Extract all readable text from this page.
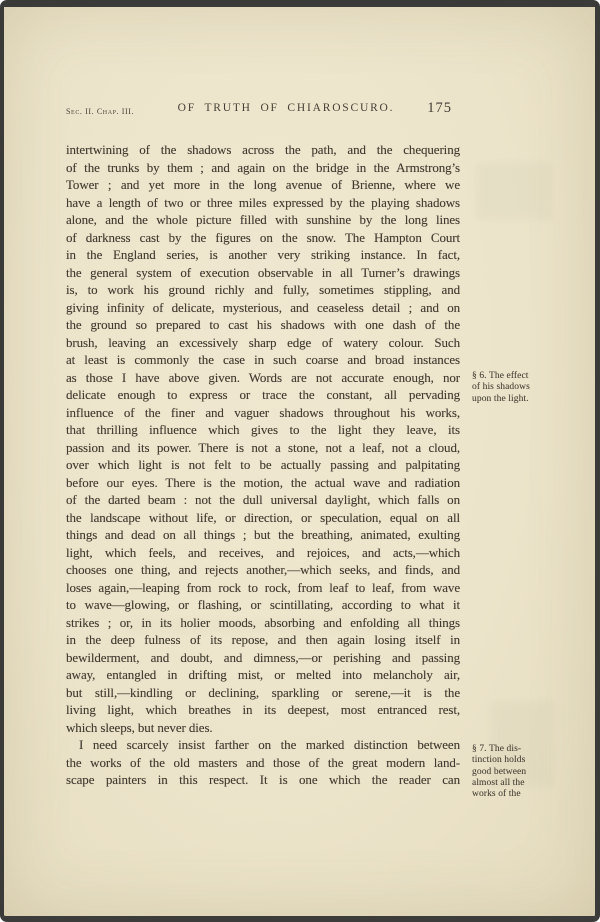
Sec. II. Chap. III.	OF TRUTH OF CHIAROSCURO. 175
intertwining of the shadows across the path, and the chequering
of the trunks by them ; and again on the bridge in the Armstrong’s
Tower ; and yet more in the long avenue of Brienne, where we
have a length of two or three miles expressed by the playing shadows
alone, and the whole picture filled with sunshine by the long lines
of darkness cast by the figures on the snow. The Hampton Court
in the England series, is another very striking instance. In fact,
the general system of execution observable in all Turner’s drawings
is, to work his ground richly and fully, sometimes stippling, and
giving infinity of delicate, mysterious, and ceaseless detail ; and on
the ground so prepared to cast his shadows with one dash of the
brush, leaving an excessively sharp edge of watery colour. Such
at least is commonly the case in such coarse and broad instances
as those I have above given. Words are not accurate enough, nor
delicate enough to express or trace the constant, all pervading
influence of the finer and vaguer shadows throughout his works,
that thrilling influence which gives to the light they leave, its
passion and its power. There is not a stone, not a leaf, not a cloud,
over which light is not felt to be actually passing and palpitating
before our eyes. There is the motion, the actual wave and radiation
of the darted beam : not the dull universal daylight, which falls on
the landscape without life, or direction, or speculation, equal on all
things and dead on all things ; but the breathing, animated, exulting
light, which feels, and receives, and rejoices, and acts,—which
chooses one thing, and rejects another,—which seeks, and finds, and
loses again,—leaping from rock to rock, from leaf to leaf, from wave
to wave—glowing, or flashing, or scintillating, according to what it
strikes ; or, in its holier moods, absorbing and enfolding all things
in the deep fulness of its repose, and then again losing itself in
bewilderment, and doubt, and dimness,—or perishing and passing
away, entangled in drifting mist, or melted into melancholy air,
but still,—kindling or declining, sparkling or serene,—it is the
living light, which breathes in its deepest, most entranced rest,
which sleeps, but never dies.
I need scarcely insist farther on the marked distinction between
the works of the old masters and those of the great modern land-
scape painters in this respect. It is one which the reader can
§ 6. The effect
of his shadows
upon the light.
§ 7. The dis-
tinction holds
good between
almost all the
works of the
